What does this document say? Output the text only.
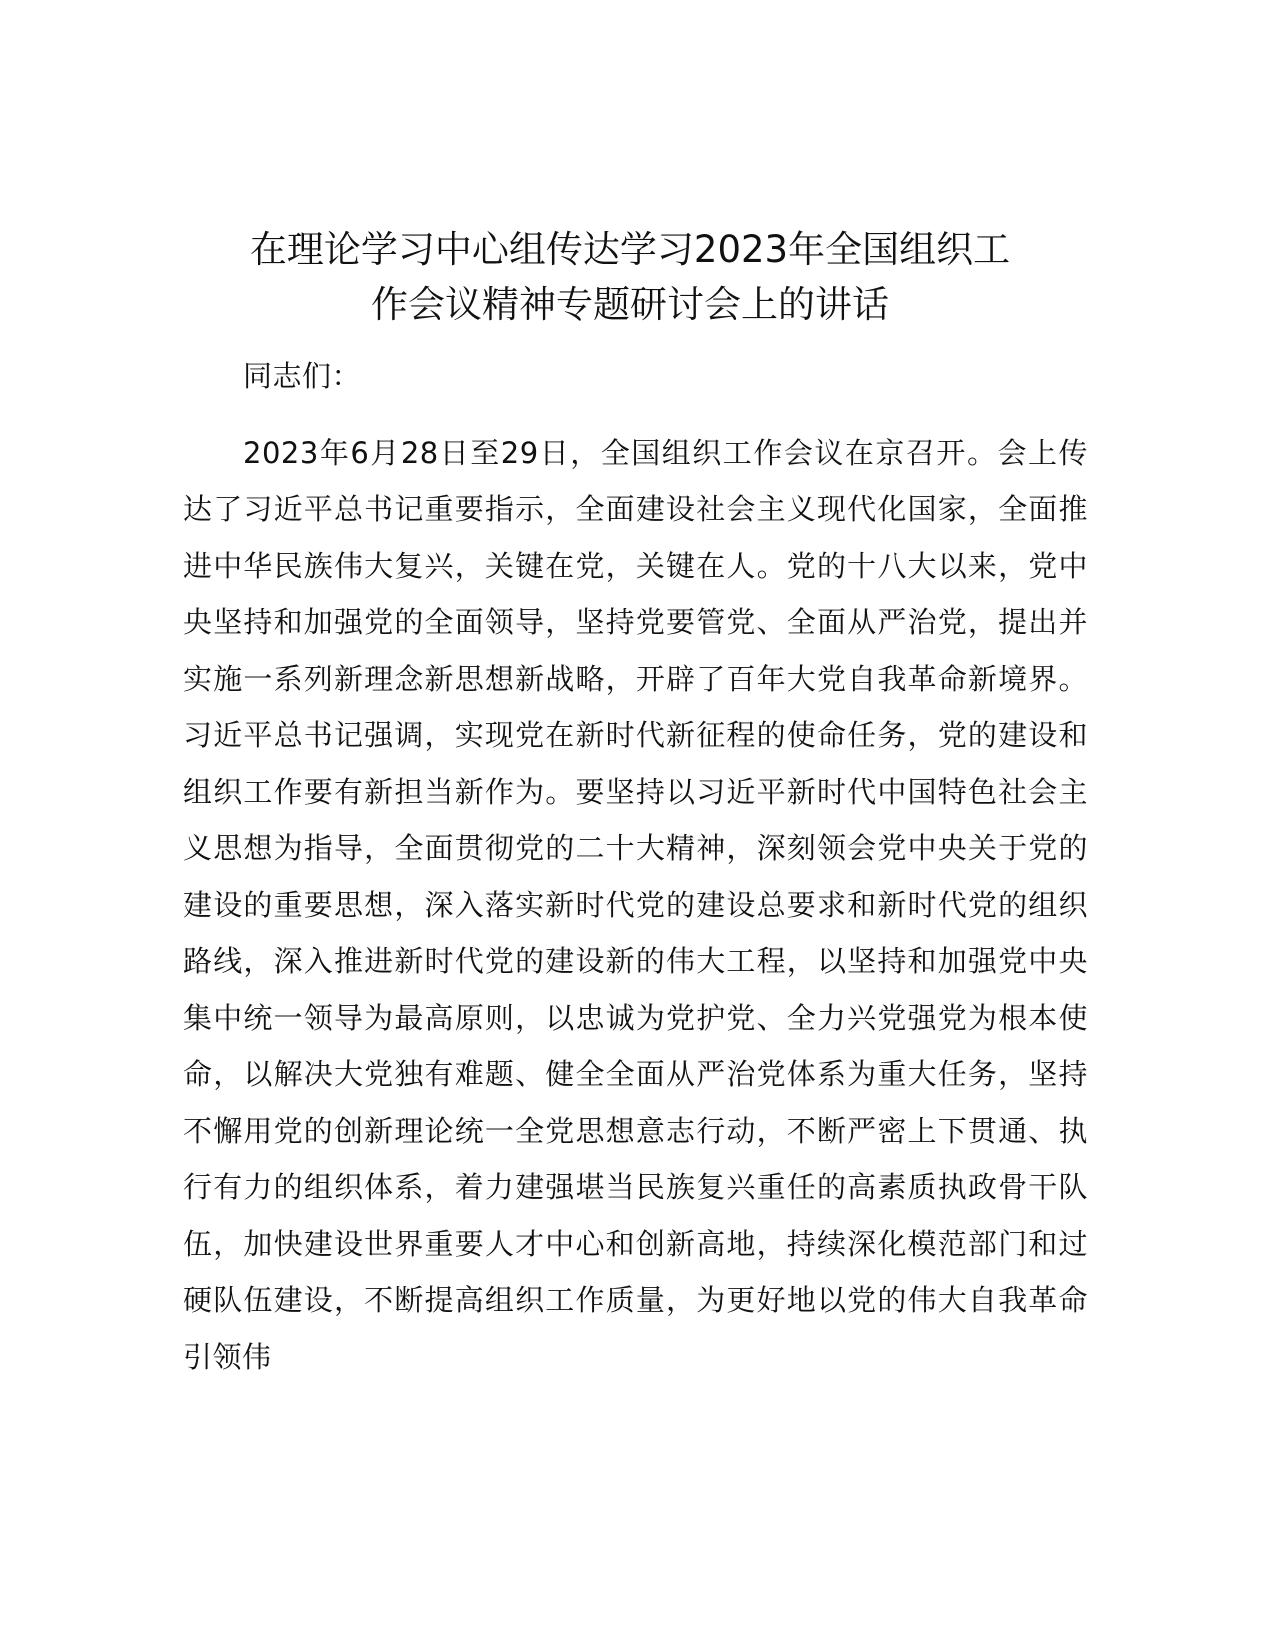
在理论学习中心组传达学习2023年全国组织工
作会议精神专题研讨会上的讲话

同志们：

2023年6月28日至29日，全国组织工作会议在京召开。会上传达了习近平总书记重要指示，全面建设社会主义现代化国家，全面推进中华民族伟大复兴，关键在党，关键在人。党的十八大以来，党中央坚持和加强党的全面领导，坚持党要管党、全面从严治党，提出并实施一系列新理念新思想新战略，开辟了百年大党自我革命新境界。习近平总书记强调，实现党在新时代新征程的使命任务，党的建设和组织工作要有新担当新作为。要坚持以习近平新时代中国特色社会主义思想为指导，全面贯彻党的二十大精神，深刻领会党中央关于党的建设的重要思想，深入落实新时代党的建设总要求和新时代党的组织路线，深入推进新时代党的建设新的伟大工程，以坚持和加强党中央集中统一领导为最高原则，以忠诚为党护党、全力兴党强党为根本使命，以解决大党独有难题、健全全面从严治党体系为重大任务，坚持不懈用党的创新理论统一全党思想意志行动，不断严密上下贯通、执行有力的组织体系，着力建强堪当民族复兴重任的高素质执政骨干队伍，加快建设世界重要人才中心和创新高地，持续深化模范部门和过硬队伍建设，不断提高组织工作质量，为更好地以党的伟大自我革命引领伟
